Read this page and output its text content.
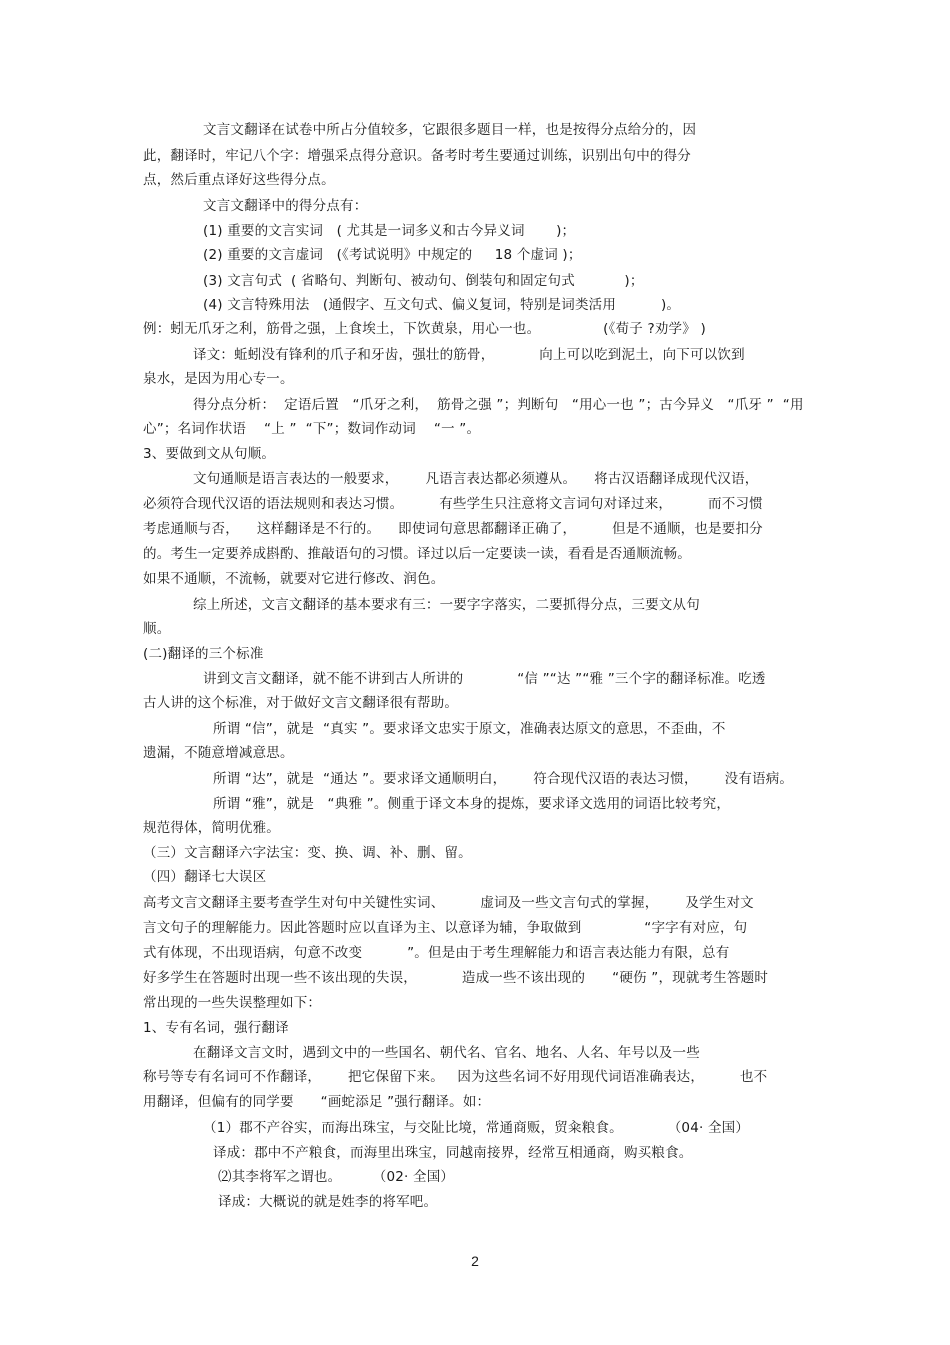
文言文翻译在试卷中所占分值较多，它跟很多题目一样，也是按得分点给分的，因
此，翻译时，牢记八个字：增强采点得分意识。备考时考生要通过训练，识别出句中的得分
点，然后重点译好这些得分点。
文言文翻译中的得分点有：
(1) 重要的文言实词   ( 尤其是一词多义和古今异义词       )；
(2) 重要的文言虚词   (《考试说明》中规定的     18 个虚词 )；
(3) 文言句式  ( 省略句、判断句、被动句、倒装句和固定句式           )；
(4) 文言特殊用法   (通假字、互文句式、偏义复词，特别是词类活用          )。
例：蚓无爪牙之利，筋骨之强，上食埃土，下饮黄泉，用心一也。              (《荀子 ?劝学》 )
译文：蚯蚓没有锋利的爪子和牙齿，强壮的筋骨，          向上可以吃到泥土，向下可以饮到
泉水，是因为用心专一。
得分点分析：  定语后置   “爪牙之利，  筋骨之强 ”；判断句   “用心一也 ”；古今异义   “爪牙 ”  “用
心”；名词作状语    “上 ”  “下”；数词作动词    “一 ”。
3、要做到文从句顺。
文句通顺是语言表达的一般要求，      凡语言表达都必须遵从。    将古汉语翻译成现代汉语，
必须符合现代汉语的语法规则和表达习惯。        有些学生只注意将文言词句对译过来，        而不习惯
考虑通顺与否，    这样翻译是不行的。    即使词句意思都翻译正确了，        但是不通顺，也是要扣分
的。考生一定要养成斟酌、推敲语句的习惯。译过以后一定要读一读，看看是否通顺流畅。
如果不通顺，不流畅，就要对它进行修改、润色。
综上所述，文言文翻译的基本要求有三：一要字字落实，二要抓得分点，三要文从句
顺。
(二)翻译的三个标准
讲到文言文翻译，就不能不讲到古人所讲的            “信 ”“达 ”“雅 ”三个字的翻译标准。吃透
古人讲的这个标准，对于做好文言文翻译很有帮助。
所谓 “信”，就是  “真实 ”。要求译文忠实于原文，准确表达原文的意思，不歪曲，不
遗漏，不随意增减意思。
所谓 “达”，就是  “通达 ”。要求译文通顺明白，      符合现代汉语的表达习惯，      没有语病。
所谓 “雅”，就是   “典雅 ”。侧重于译文本身的提炼，要求译文选用的词语比较考究，
规范得体，简明优雅。
（三）文言翻译六字法宝：变、换、调、补、删、留。
（四）翻译七大误区
高考文言文翻译主要考查学生对句中关键性实词、        虚词及一些文言句式的掌握，      及学生对文
言文句子的理解能力。因此答题时应以直译为主、以意译为辅，争取做到              “字字有对应，句
式有体现，不出现语病，句意不改变          ”。但是由于考生理解能力和语言表达能力有限，总有
好多学生在答题时出现一些不该出现的失误，          造成一些不该出现的      “硬伤 ”，现就考生答题时
常出现的一些失误整理如下：
1、专有名词，强行翻译
在翻译文言文时，遇到文中的一些国名、朝代名、官名、地名、人名、年号以及一些
称号等专有名词可不作翻译，      把它保留下来。   因为这些名词不好用现代词语准确表达，        也不
用翻译，但偏有的同学要      “画蛇添足 ”强行翻译。如：
（1）郡不产谷实，而海出珠宝，与交阯比境，常通商贩，贸籴粮食。          （04· 全国）
译成：郡中不产粮食，而海里出珠宝，同越南接界，经常互相通商，购买粮食。
⑵其李将军之谓也。       （02· 全国）
译成：大概说的就是姓李的将军吧。
2
